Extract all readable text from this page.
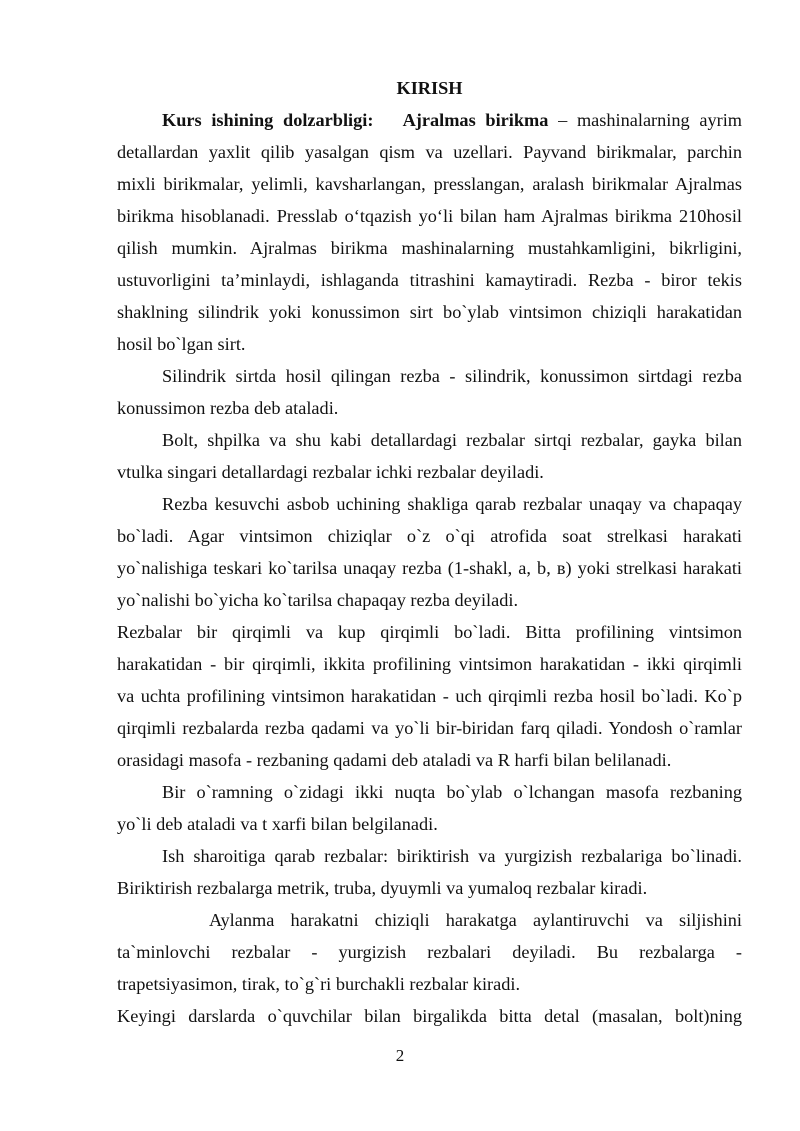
KIRISH
Kurs ishining dolzarbligi: Ajralmas birikma – mashinalarning ayrim
detallardan yaxlit qilib yasalgan qism va uzellari. Payvand birikmalar, parchin
mixli birikmalar, yelimli, kavsharlangan, presslangan, aralash birikmalar Ajralmas
birikma hisoblanadi. Presslab oʻtqazish yoʻli bilan ham Ajralmas birikma 210hosil
qilish mumkin. Ajralmas birikma mashinalarning mustahkamligini, bikrligini,
ustuvorligini taʼminlaydi, ishlaganda titrashini kamaytiradi. Rezba - biror tekis
shaklning silindrik yoki konussimon sirt bo`ylab vintsimon chiziqli harakatidan
hosil bo`lgan sirt.
Silindrik sirtda hosil qilingan rezba - silindrik, konussimon sirtdagi rezba
konussimon rezba deb ataladi.
Bolt, shpilka va shu kabi detallardagi rezbalar sirtqi rezbalar, gayka bilan
vtulka singari detallardagi rezbalar ichki rezbalar deyiladi.
Rezba kesuvchi asbob uchining shakliga qarab rezbalar unaqay va chapaqay
bo`ladi. Agar vintsimon chiziqlar o`z o`qi atrofida soat strelkasi harakati
yo`nalishiga teskari ko`tarilsa unaqay rezba (1-shakl, a, b, в) yoki strelkasi harakati
yo`nalishi bo`yicha ko`tarilsa chapaqay rezba deyiladi.
Rezbalar bir qirqimli va kup qirqimli bo`ladi. Bitta profilining vintsimon
harakatidan - bir qirqimli, ikkita profilining vintsimon harakatidan - ikki qirqimli
va uchta profilining vintsimon harakatidan - uch qirqimli rezba hosil bo`ladi. Ko`p
qirqimli rezbalarda rezba qadami va yo`li bir-biridan farq qiladi. Yondosh o`ramlar
orasidagi masofa - rezbaning qadami deb ataladi va R harfi bilan belilanadi.
Bir o`ramning o`zidagi ikki nuqta bo`ylab o`lchangan masofa rezbaning
yo`li deb ataladi va t xarfi bilan belgilanadi.
Ish sharoitiga qarab rezbalar: biriktirish va yurgizish rezbalariga bo`linadi.
Biriktirish rezbalarga metrik, truba, dyuymli va yumaloq rezbalar kiradi.
Aylanma harakatni chiziqli harakatga aylantiruvchi va siljishini
ta`minlovchi rezbalar - yurgizish rezbalari deyiladi. Bu rezbalarga -
trapetsiyasimon, tirak, to`g`ri burchakli rezbalar kiradi.
Keyingi darslarda o`quvchilar bilan birgalikda bitta detal (masalan, bolt)ning
2
